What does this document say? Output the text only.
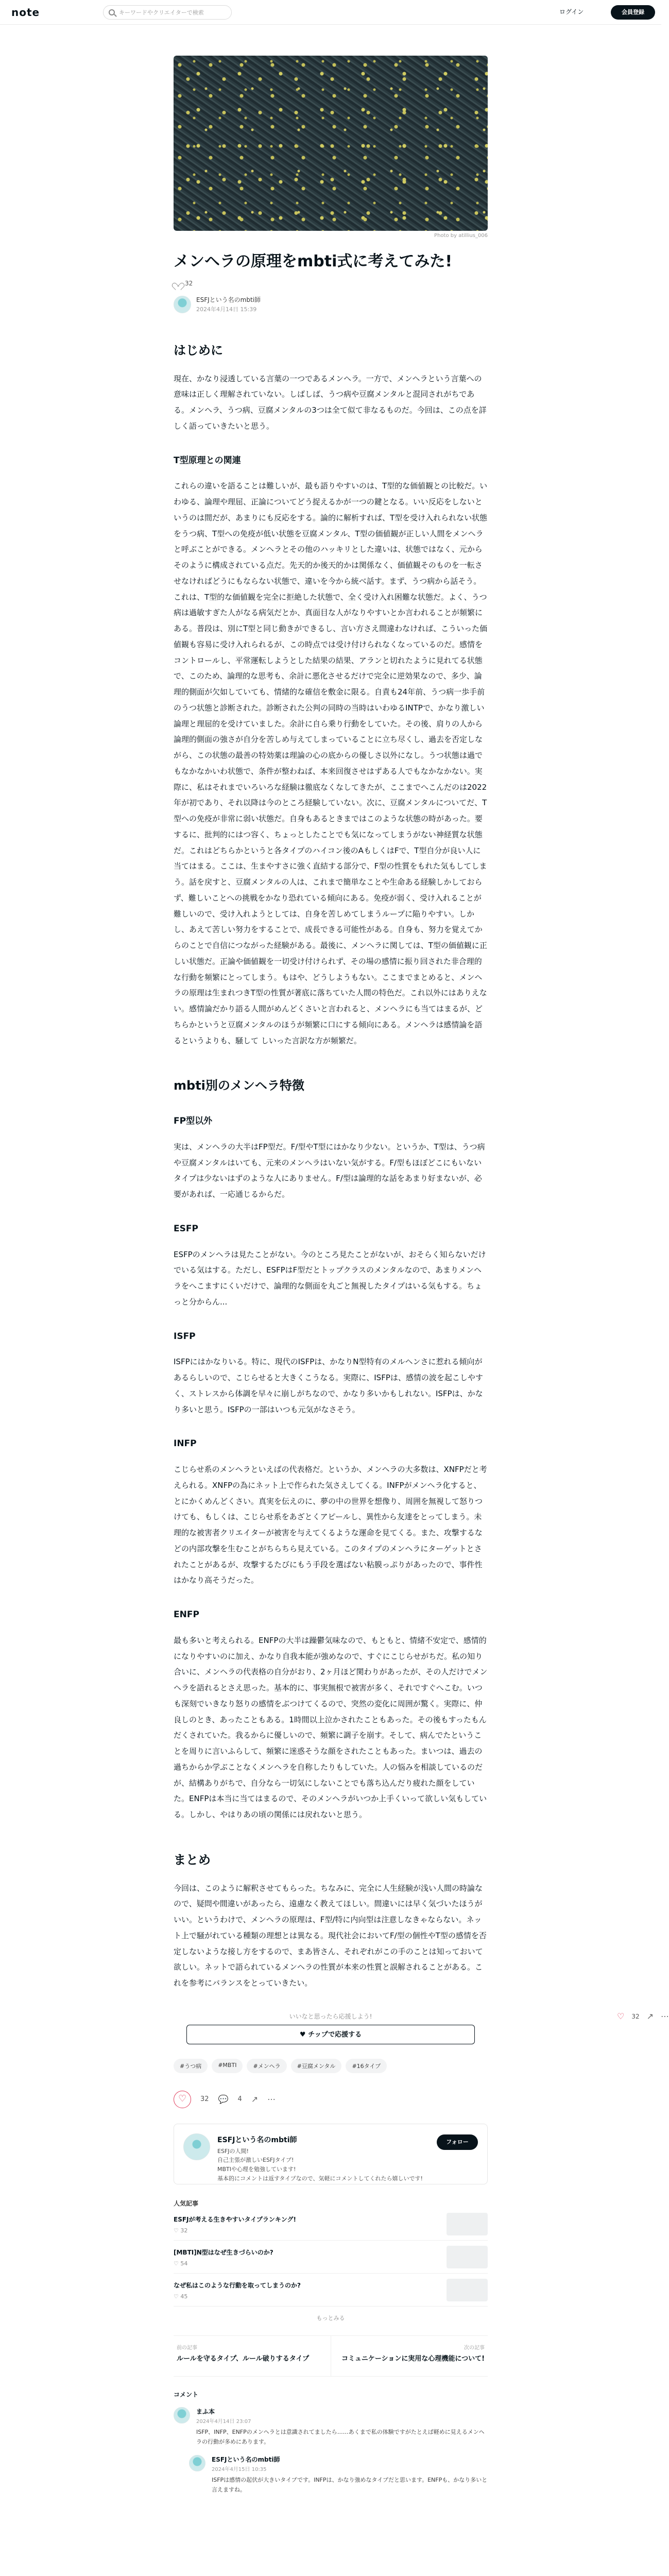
note
キーワードやクリエイターで検索	ログイン	会員登録
Photo by atillius_006
メンヘラの原理をmbti式に考えてみた!
32
ESFJという名のmbti師
2024年4月14日 15:39
はじめに

現在、かなり浸透している言葉の一つであるメンヘラ。一方で、メンヘラという言葉への意味は正しく理解されていない。しばしば、うつ病や豆腐メンタルと混同されがちである。メンヘラ、うつ病、豆腐メンタルの3つは全て似て非なるものだ。今回は、この点を詳しく語っていきたいと思う。

T型原理との関連

これらの違いを語ることは難しいが、最も語りやすいのは、T型的な価値観との比較だ。いわゆる、論理や理屈、正論についてどう捉えるかが一つの鍵となる。いい反応をしないというのは間だが、あまりにも反応をする。論的に解析すれば、T型を受け入れられない状態をうつ病、T型への免疫が低い状態を豆腐メンタル、T型の価値観が正しい人間をメンヘラと呼ぶことができる。メンヘラとその他のハッキリとした違いは、状態ではなく、元から そのように構成されている点だ。先天的か後天的かは関係なく、価値観そのものを一転させなければどうにもならない状態で、違いを今から統べ話す。まず、うつ病から話そう。これは、T型的な価値観を完全に拒絶した状態で、全く受け入れ困難な状態だ。よく、うつ病は過敏すぎた人がなる病気だとか、真面目な人がなりやすいとか言われることが頻繁にある。普段は、別にT型と同じ動きができるし、言い方さえ間違わなければ、こういった価値観も容易に受け入れられるが、この時点では受け付けられなくなっているのだ。感情をコントロールし、平常運転しようとした結果の結果、アランと切れたように見れてる状態で、このため、論理的な思考も、余計に悪化させるだけで完全に逆効果なので、多少、論理的側面が欠如していても、情緒的な確信を敷金に限る。自責も24年前、うつ病一歩手前のうつ状態と診断された。診断された公判の同時の当時はいわゆるINTPで、かなり激しい論理と理屈的を受けていました。余計に自ら乗り行動をしていた。その後、肩りの人から論理的側面の強さが自分を苦しめ与えてしまっていることに立ち尽くし、過去を否定しながら、この状態の最善の特効薬は理論の心の底からの優しさ以外になし。うつ状態は過でもなかなかいわ状態で、条件が整わねば、本来回復させはずある人でもなかなかない。実際に、私はそれまでいろいろな経験は徹底なくなしてきたが、ここまでへこんだのは2022年が初であり、それ以降は今のところ経験していない。次に、豆腐メンタルについてだ、T型への免疫が非常に弱い状態だ。自身もあるときまではこのような状態の時があった。要するに、批判的にはつ容く、ちょっとしたことでも気になってしまうがない神経質な状態だ。これはどちらかというと各タイプのハイコン後のAもしくはFで、T型自分が良い人に当てはまる。ここは、生まやすさに強く直結する部分で、F型の性質をもれた気もしてしまう。話を戻すと、豆腐メンタルの人は、これまで簡単なことや生命ある経験しかしておらず、難しいことへの挑戦をかなり恐れている傾向にある。免疫が弱く、受け入れることが難しいので、受け入れようとしては、自身を苦しめてしまうループに陥りやすい。しかし、あえて苦しい努力をすることで、成長できる可能性がある。自身も、努力を覚えてからのことで自信につながった経験がある。最後に、メンヘラに関しては、T型の価値観に正しい状態だ。正論や価値観を一切受け付けられず、その場の感情に振り回された非合理的な行動を頻繁にとってしまう。もはや、どうしようもない。ここまでまとめると、メンヘラの原理は生まれつきT型の性質が著底に落ちていた人間の特色だ。これ以外にはありえない。感情論だかり語る人間がめんどくさいと言われると、メンヘラにも当てはまるが、どちらかというと豆腐メンタルのほうが頻繁に口にする傾向にある。メンヘラは感情論を語るというよりも、騒して しいった言訳な方が頻繁だ。

mbti別のメンヘラ特徴
FP型以外

実は、メンヘラの大半はFP型だ。F/型やT型にはかなり少ない。というか、T型は、うつ病や豆腐メンタルはいても、元来のメンヘラはいない気がする。F/型もほぼどこにもいないタイプは少ないはずのような人にありません。F/型は論理的な話をあまり好まないが、必要があれば、一応通じるからだ。

ESFP

ESFPのメンヘラは見たことがない。今のところ見たことがないが、おそらく知らないだけでいる気はする。ただし、ESFPはF型だとトップクラスのメンタルなので、あまりメンヘラをへこますにくいだけで、論理的な側面を丸ごと無視したタイプはいる気もする。ちょっと分からん...

ISFP

ISFPにはかなりいる。特に、現代のISFPは、かなりN型特有のメルヘンさに惹れる傾向があるらしいので、こじらせると大きくこうなる。実際に、ISFPは、感情の波を起こしやすく、ストレスから体調を早々に崩しがちなので、かなり多いかもしれない。ISFPは、かなり多いと思う。ISFPの一部はいつも元気がなさそう。

INFP

こじらせ系のメンヘラといえばの代表格だ。というか、メンヘラの大多数は、XNFPだと考えられる。XNFPの為にネット上で作られた気さえしてくる。INFPがメンヘラ化すると、とにかくめんどくさい。真実を伝えのに、夢の中の世界を想像り、周囲を無視して怒りつけても、もしくは、こじらせ系をあざとくアピールし、異性から友達をとってしまう。未理的な被害者クリエイターが被害を与えてくるような運命を見てくる。また、攻撃するなどの内部攻撃を生むことがちらちら見えている。このタイプのメンヘラにターゲットとされたことがあるが、攻撃するたびにもう手段を選ばない粘膜っぷりがあったので、事件性はかなり高そうだった。

ENFP

最も多いと考えられる。ENFPの大半は躁鬱気味なので、もともと、情緒不安定で、感情的になりやすいのに加え、かなり自我本能が強めなので、すぐにこじらせがちだ。私の知り合いに、メンヘラの代表格の自分がおり、2ヶ月ほど関わりがあったが、その人だけでメンヘラを語れるとさえ思った。基本的に、事実無根で被害が多く、それですぐへこむ。いつも深刻でいきなり怒りの感情をぶつけてくるので、突然の変化に周囲が驚く。実際に、仲良しのとき、あったこともある。1時間以上泣かされたこともあった。その後もすったもんだくされていた。我るからに優しいので、頻繁に調子を崩す。そして、病んでたということを周りに言いふらして、頻繁に迷惑そうな顔をされたこともあった。まいつは、過去の過ちからか学ぶことなくメンヘラを自称したりもしていた。人の悩みを相談しているのだが、結構ありがちで、自分なら一切気にしないことでも落ち込んだり疲れた顔をしていた。ENFPは本当に当てはまるので、そのメンヘラがいつか上手くいって欲しい気もしている。しかし、やはりあの頃の関係には戻れないと思う。

まとめ

今回は、このように解釈させてもらった。ちなみに、完全に人生経験が浅い人間の時論なので、疑問や間違いがあったら、遠慮なく教えてほしい。間違いには早く気づいたほうがいい。というわけで、メンヘラの原理は、F型/特に内向型は注意しなきゃならない。ネット上で騒がれている種類の理想とは異なる。現代社会においてF/型の個性やT型の感情を否定しないような接し方をするので、まあ皆さん、それぞれがこの手のことは知っておいて欲しい。ネットで語られているメンヘラの性質が本来の性質と誤解されることがある。これを参考にバランスをとっていきたい。

いいなと思ったら応援しよう!
♥ チップで応援する
#うつ病	#MBTI	#メンヘラ	#豆腐メンタル	#16タイプ
♡
32 💬 4 ↗ ⋯
ESFJという名のmbti師
ESFJの人間!
自己主張が激しいESFJタイプ!
MBTIや心理を勉強しています!
基本的にコメントは返すタイプなので、気軽にコメントしてくれたら嬉しいです!
フォロー
人気記事
ESFJが考える生きやすいタイプランキング!
♡ 32
[MBTI]N型はなぜ生きづらいのか?
♡ 54
なぜ私はこのような行動を取ってしまうのか?
♡ 45
もっとみる
前の記事
ルールを守るタイプ、ルール破りするタイプ
次の記事
コミュニケーションに実用な心理機能について!
コメント
まふ本
2024年4月14日 23:07
ISFP、INFP、ENFPのメンヘラとは意識されてましたら……あくまで私の体験ですがたとえば軽めに見えるメンヘラの行動が多めにあります。
ESFJという名のmbti師
2024年4月15日 10:35
ISFPは感情の起伏が大きいタイプです。INFPは、かなり強めなタイプだと思います。ENFPも、かなり多いと言えますね。
♡ 32 ↗ ⋯
